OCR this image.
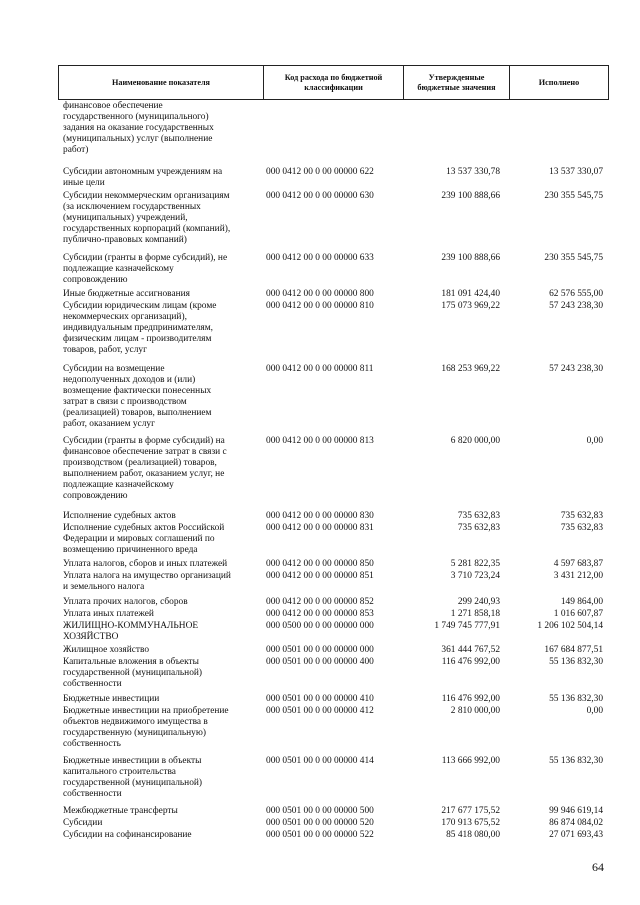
Наименование показателя	Код расхода по бюджетной классификации	Утвержденные бюджетные значения	Исполнено
финансовое обеспечение
государственного (муниципального)
задания на оказание государственных
(муниципальных) услуг (выполнение
работ)
Субсидии автономным учреждениям на
иные цели
000 0412 00 0 00 00000 622	13 537 330,78	13 537 330,07
Субсидии некоммерческим организациям
(за исключением государственных
(муниципальных) учреждений,
государственных корпораций (компаний),
публично-правовых компаний)
000 0412 00 0 00 00000 630	239 100 888,66	230 355 545,75
Субсидии (гранты в форме субсидий), не
подлежащие казначейскому
сопровождению
000 0412 00 0 00 00000 633	239 100 888,66	230 355 545,75
Иные бюджетные ассигнования	000 0412 00 0 00 00000 800	181 091 424,40	62 576 555,00
Субсидии юридическим лицам (кроме
некоммерческих организаций),
индивидуальным предпринимателям,
физическим лицам - производителям
товаров, работ, услуг
000 0412 00 0 00 00000 810	175 073 969,22	57 243 238,30
Субсидии на возмещение
недополученных доходов и (или)
возмещение фактически понесенных
затрат в связи с производством
(реализацией) товаров, выполнением
работ, оказанием услуг
000 0412 00 0 00 00000 811	168 253 969,22	57 243 238,30
Субсидии (гранты в форме субсидий) на
финансовое обеспечение затрат в связи с
производством (реализацией) товаров,
выполнением работ, оказанием услуг, не
подлежащие казначейскому
сопровождению
000 0412 00 0 00 00000 813	6 820 000,00	0,00
Исполнение судебных актов	000 0412 00 0 00 00000 830	735 632,83	735 632,83
Исполнение судебных актов Российской
Федерации и мировых соглашений по
возмещению причиненного вреда
000 0412 00 0 00 00000 831	735 632,83	735 632,83
Уплата налогов, сборов и иных платежей	000 0412 00 0 00 00000 850	5 281 822,35	4 597 683,87
Уплата налога на имущество организаций
и земельного налога
000 0412 00 0 00 00000 851	3 710 723,24	3 431 212,00
Уплата прочих налогов, сборов	000 0412 00 0 00 00000 852	299 240,93	149 864,00
Уплата иных платежей	000 0412 00 0 00 00000 853	1 271 858,18	1 016 607,87
ЖИЛИЩНО-КОММУНАЛЬНОЕ
ХОЗЯЙСТВО
000 0500 00 0 00 00000 000	1 749 745 777,91	1 206 102 504,14
Жилищное хозяйство	000 0501 00 0 00 00000 000	361 444 767,52	167 684 877,51
Капитальные вложения в объекты
государственной (муниципальной)
собственности
000 0501 00 0 00 00000 400	116 476 992,00	55 136 832,30
Бюджетные инвестиции	000 0501 00 0 00 00000 410	116 476 992,00	55 136 832,30
Бюджетные инвестиции на приобретение
объектов недвижимого имущества в
государственную (муниципальную)
собственность
000 0501 00 0 00 00000 412	2 810 000,00	0,00
Бюджетные инвестиции в объекты
капитального строительства
государственной (муниципальной)
собственности
000 0501 00 0 00 00000 414	113 666 992,00	55 136 832,30
Межбюджетные трансферты	000 0501 00 0 00 00000 500	217 677 175,52	99 946 619,14
Субсидии	000 0501 00 0 00 00000 520	170 913 675,52	86 874 084,02
Субсидии на софинансирование	000 0501 00 0 00 00000 522	85 418 080,00	27 071 693,43
64
